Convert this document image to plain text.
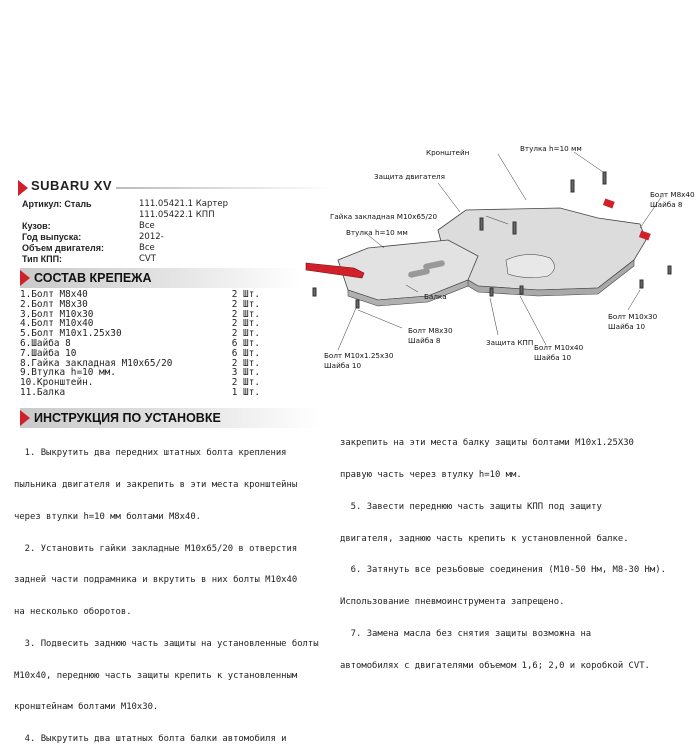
SUBARU XV
Артикул: Сталь	111.05421.1 Картер
111.05422.1 КПП
Кузов:	Все
Год выпуска:	2012-
Объем двигателя:	Все
Тип КПП:	CVT
СОСТАВ КРЕПЕЖА
1.Болт М8х40	2 Шт.
2.Болт М8х30	2 Шт.
3.Болт М10х30	2 Шт.
4.Болт М10х40	2 Шт.
5.Болт М10х1.25х30	2 Шт.
6.Шайба 8	6 Шт.
7.Шайба 10	6 Шт.
8.Гайка закладная М10х65/20	2 Шт.
9.Втулка h=10 мм.	3 Шт.
10.Кронштейн.	2 Шт.
11.Балка	1 Шт.
Кронштейн	Втулка h=10 мм
Защита двигателя
Болт М8х40
Шайба 8
Гайка закладная М10х65/20
Втулка h=10 мм
Балка
Болт М8х30
Шайба 8	Защита КПП
Болт М10х40
Шайба 10
Болт М10х30
Шайба 10
Болт М10х1.25х30
Шайба 10
ИНСТРУКЦИЯ ПО УСТАНОВКЕ

1. Выкрутить два передних штатных болта крепления

пыльника двигателя и закрепить в эти места кронштейны

через втулки h=10 мм болтами М8х40.

2. Установить гайки закладные М10х65/20 в отверстия

задней части подрамника и вкрутить в них болты М10х40

на несколько оборотов.

3. Подвесить заднюю часть защиты на установленные болты

М10х40, переднюю часть защиты крепить к установленным

кронштейнам болтами М10х30.

4. Выкрутить два штатных болта балки автомобиля и

закрепить на эти места балку защиты болтами М10х1.25Х30

правую часть через втулку h=10 мм.

5. Завести переднюю часть защиты КПП под защиту

двигателя, заднюю часть крепить к установленной балке.

6. Затянуть все резьбовые соединения (М10-50 Нм, М8-30 Нм).

Использование пневмоинструмента запрещено.

7. Замена масла без снятия защиты возможна на

автомобилях с двигателями объемом 1,6; 2,0 и коробкой CVT.
